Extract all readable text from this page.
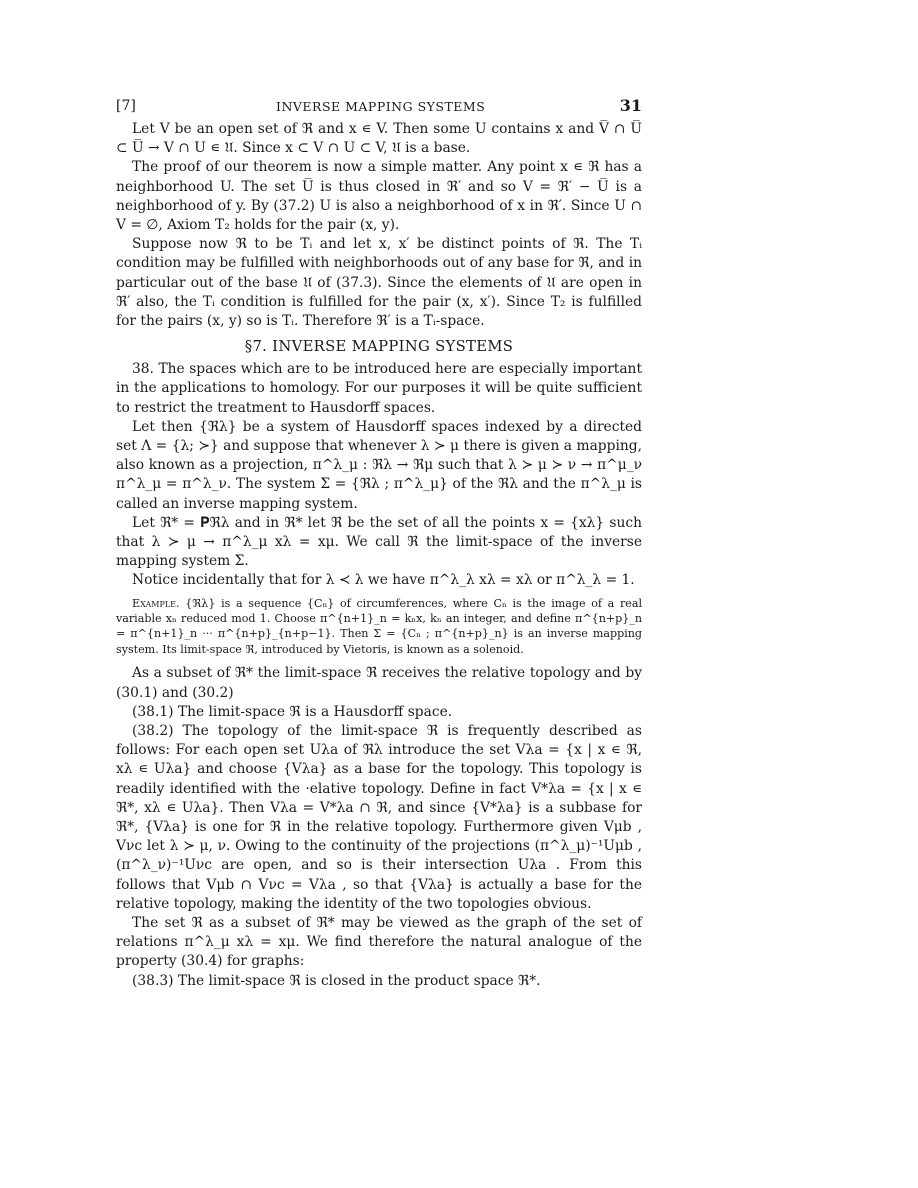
[7]	INVERSE MAPPING SYSTEMS	31

Let V be an open set of ℜ and x ∊ V. Then some U contains x and V̅ ∩ U̅ ⊂ U̅ → V ∩ U ∊ 𝔘. Since x ⊂ V ∩ U ⊂ V, 𝔘 is a base.

The proof of our theorem is now a simple matter. Any point x ∊ ℜ has a neighborhood U. The set U̅ is thus closed in ℜ′ and so V = ℜ′ − U̅ is a neighborhood of y. By (37.2) U is also a neighborhood of x in ℜ′. Since U ∩ V = ∅, Axiom T₂ holds for the pair (x, y).

Suppose now ℜ to be Tᵢ and let x, x′ be distinct points of ℜ. The Tᵢ condition may be fulfilled with neighborhoods out of any base for ℜ, and in particular out of the base 𝔘 of (37.3). Since the elements of 𝔘 are open in ℜ′ also, the Tᵢ condition is fulfilled for the pair (x, x′). Since T₂ is fulfilled for the pairs (x, y) so is Tᵢ. Therefore ℜ′ is a Tᵢ-space.

§7. INVERSE MAPPING SYSTEMS

38. The spaces which are to be introduced here are especially important in the applications to homology. For our purposes it will be quite sufficient to restrict the treatment to Hausdorff spaces.

Let then {ℜλ} be a system of Hausdorff spaces indexed by a directed set Λ = {λ; ≻} and suppose that whenever λ ≻ μ there is given a mapping, also known as a projection, π^λ_μ : ℜλ → ℜμ such that λ ≻ μ ≻ ν → π^μ_ν π^λ_μ = π^λ_ν. The system Σ = {ℜλ ; π^λ_μ} of the ℜλ and the π^λ_μ is called an inverse mapping system.

Let ℜ* = 𝐏ℜλ and in ℜ* let ℜ be the set of all the points x = {xλ} such that λ ≻ μ → π^λ_μ xλ = xμ. We call ℜ the limit-space of the inverse mapping system Σ.

Notice incidentally that for λ ≺ λ we have π^λ_λ xλ = xλ or π^λ_λ = 1.

Example. {ℜλ} is a sequence {Cₙ} of circumferences, where Cₙ is the image of a real variable xₙ reduced mod 1. Choose π^{n+1}_n = kₙx, kₙ an integer, and define π^{n+p}_n = π^{n+1}_n ··· π^{n+p}_{n+p−1}. Then Σ = {Cₙ ; π^{n+p}_n} is an inverse mapping system. Its limit-space ℜ, introduced by Vietoris, is known as a solenoid.

As a subset of ℜ* the limit-space ℜ receives the relative topology and by (30.1) and (30.2)

(38.1) The limit-space ℜ is a Hausdorff space.

(38.2) The topology of the limit-space ℜ is frequently described as follows: For each open set Uλa of ℜλ introduce the set Vλa = {x | x ∊ ℜ, xλ ∊ Uλa} and choose {Vλa} as a base for the topology. This topology is readily identified with the ·elative topology. Define in fact V*λa = {x | x ∊ ℜ*, xλ ∊ Uλa}. Then Vλa = V*λa ∩ ℜ, and since {V*λa} is a subbase for ℜ*, {Vλa} is one for ℜ in the relative topology. Furthermore given Vμb , Vνc let λ ≻ μ, ν. Owing to the continuity of the projections (π^λ_μ)⁻¹Uμb , (π^λ_ν)⁻¹Uνc are open, and so is their intersection Uλa . From this follows that Vμb ∩ Vνc = Vλa , so that {Vλa} is actually a base for the relative topology, making the identity of the two topologies obvious.

The set ℜ as a subset of ℜ* may be viewed as the graph of the set of relations π^λ_μ xλ = xμ. We find therefore the natural analogue of the property (30.4) for graphs:

(38.3) The limit-space ℜ is closed in the product space ℜ*.
